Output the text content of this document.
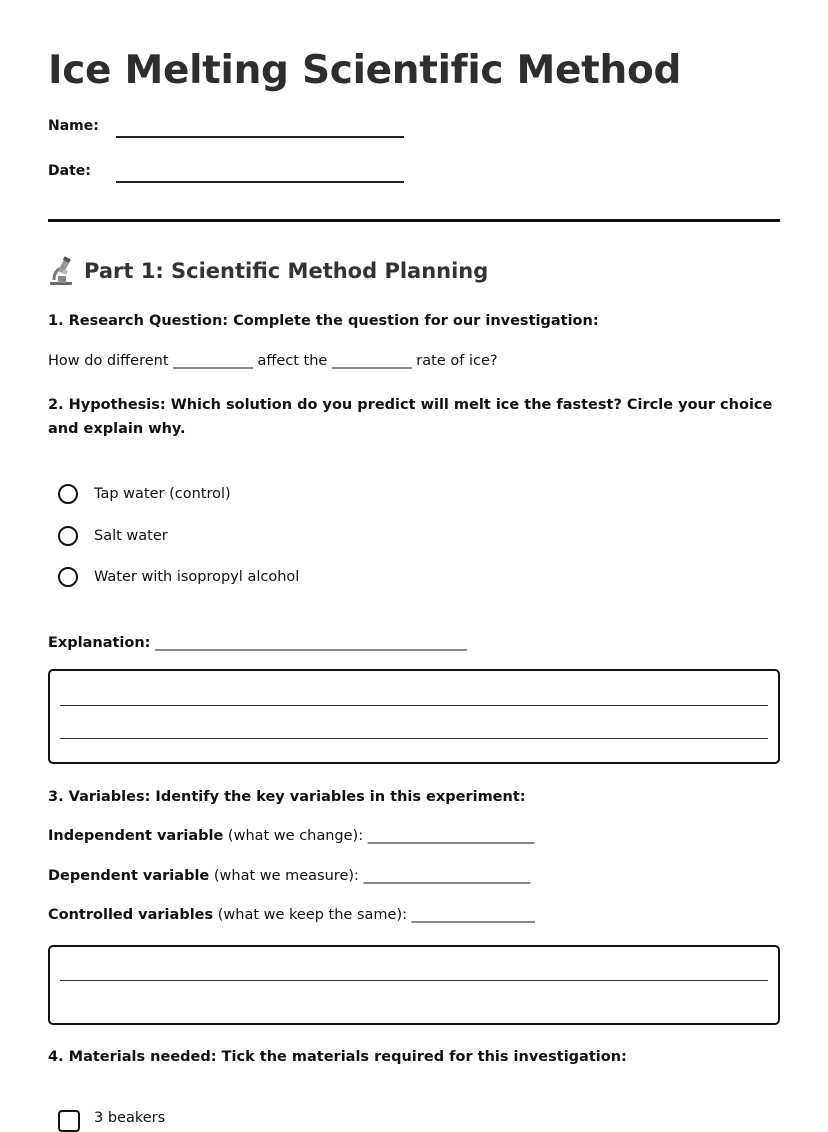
Ice Melting Scientific Method
Name:
Date:
Part 1: Scientific Method Planning
1. Research Question: Complete the question for our investigation:
How do different ___________ affect the ___________ rate of ice?
2. Hypothesis: Which solution do you predict will melt ice the fastest? Circle your choice and explain why.
Tap water (control)
Salt water
Water with isopropyl alcohol
Explanation: ___________________________________________
3. Variables: Identify the key variables in this experiment:
Independent variable (what we change): _______________________
Dependent variable (what we measure): _______________________
Controlled variables (what we keep the same): _________________
4. Materials needed: Tick the materials required for this investigation:
3 beakers
